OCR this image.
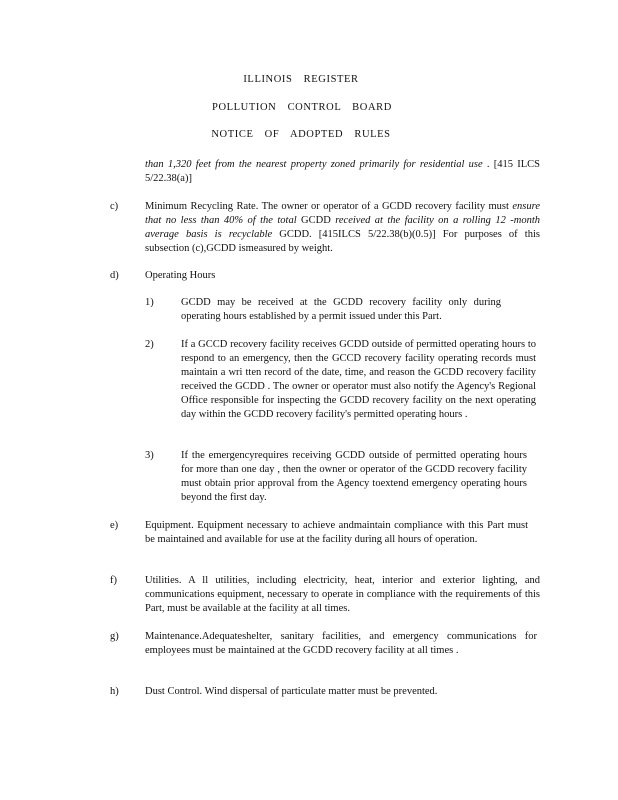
ILLINOIS REGISTER
POLLUTION CONTROL BOARD
NOTICE OF ADOPTED RULES

than 1,320 feet from the nearest property zoned primarily for residential use . [415 ILCS 5/22.38(a)]

c)	Minimum Recycling Rate. The owner or operator of a GCDD recovery facility must ensure that no less than 40% of the total GCDD received at the facility on a rolling 12 -month average basis is recyclable GCDD. [415ILCS 5/22.38(b)(0.5)] For purposes of this subsection (c),GCDD ismeasured by weight.

d)	Operating Hours
1)	GCDD may be received at the GCDD recovery facility only during operating hours established by a permit issued under this Part.

2)	If a GCCD recovery facility receives GCDD outside of permitted operating hours to respond to an emergency, then the GCCD recovery facility operating records must maintain a wri tten record of the date, time, and reason the GCDD recovery facility received the GCDD . The owner or operator must also notify the Agency's Regional Office responsible for inspecting the GCDD recovery facility on the next operating day within the GCDD recovery facility's permitted operating hours .

3)	If the emergencyrequires receiving GCDD outside of permitted operating hours for more than one day , then the owner or operator of the GCDD recovery facility must obtain prior approval from the Agency toextend emergency operating hours beyond the first day.

e)	Equipment. Equipment necessary to achieve andmaintain compliance with this Part must be maintained and available for use at the facility during all hours of operation.

f)	Utilities. A ll utilities, including electricity, heat, interior and exterior lighting, and communications equipment, necessary to operate in compliance with the requirements of this Part, must be available at the facility at all times.

g)	Maintenance.Adequateshelter, sanitary facilities, and emergency communications for employees must be maintained at the GCDD recovery facility at all times .

h)	Dust Control. Wind dispersal of particulate matter must be prevented.
